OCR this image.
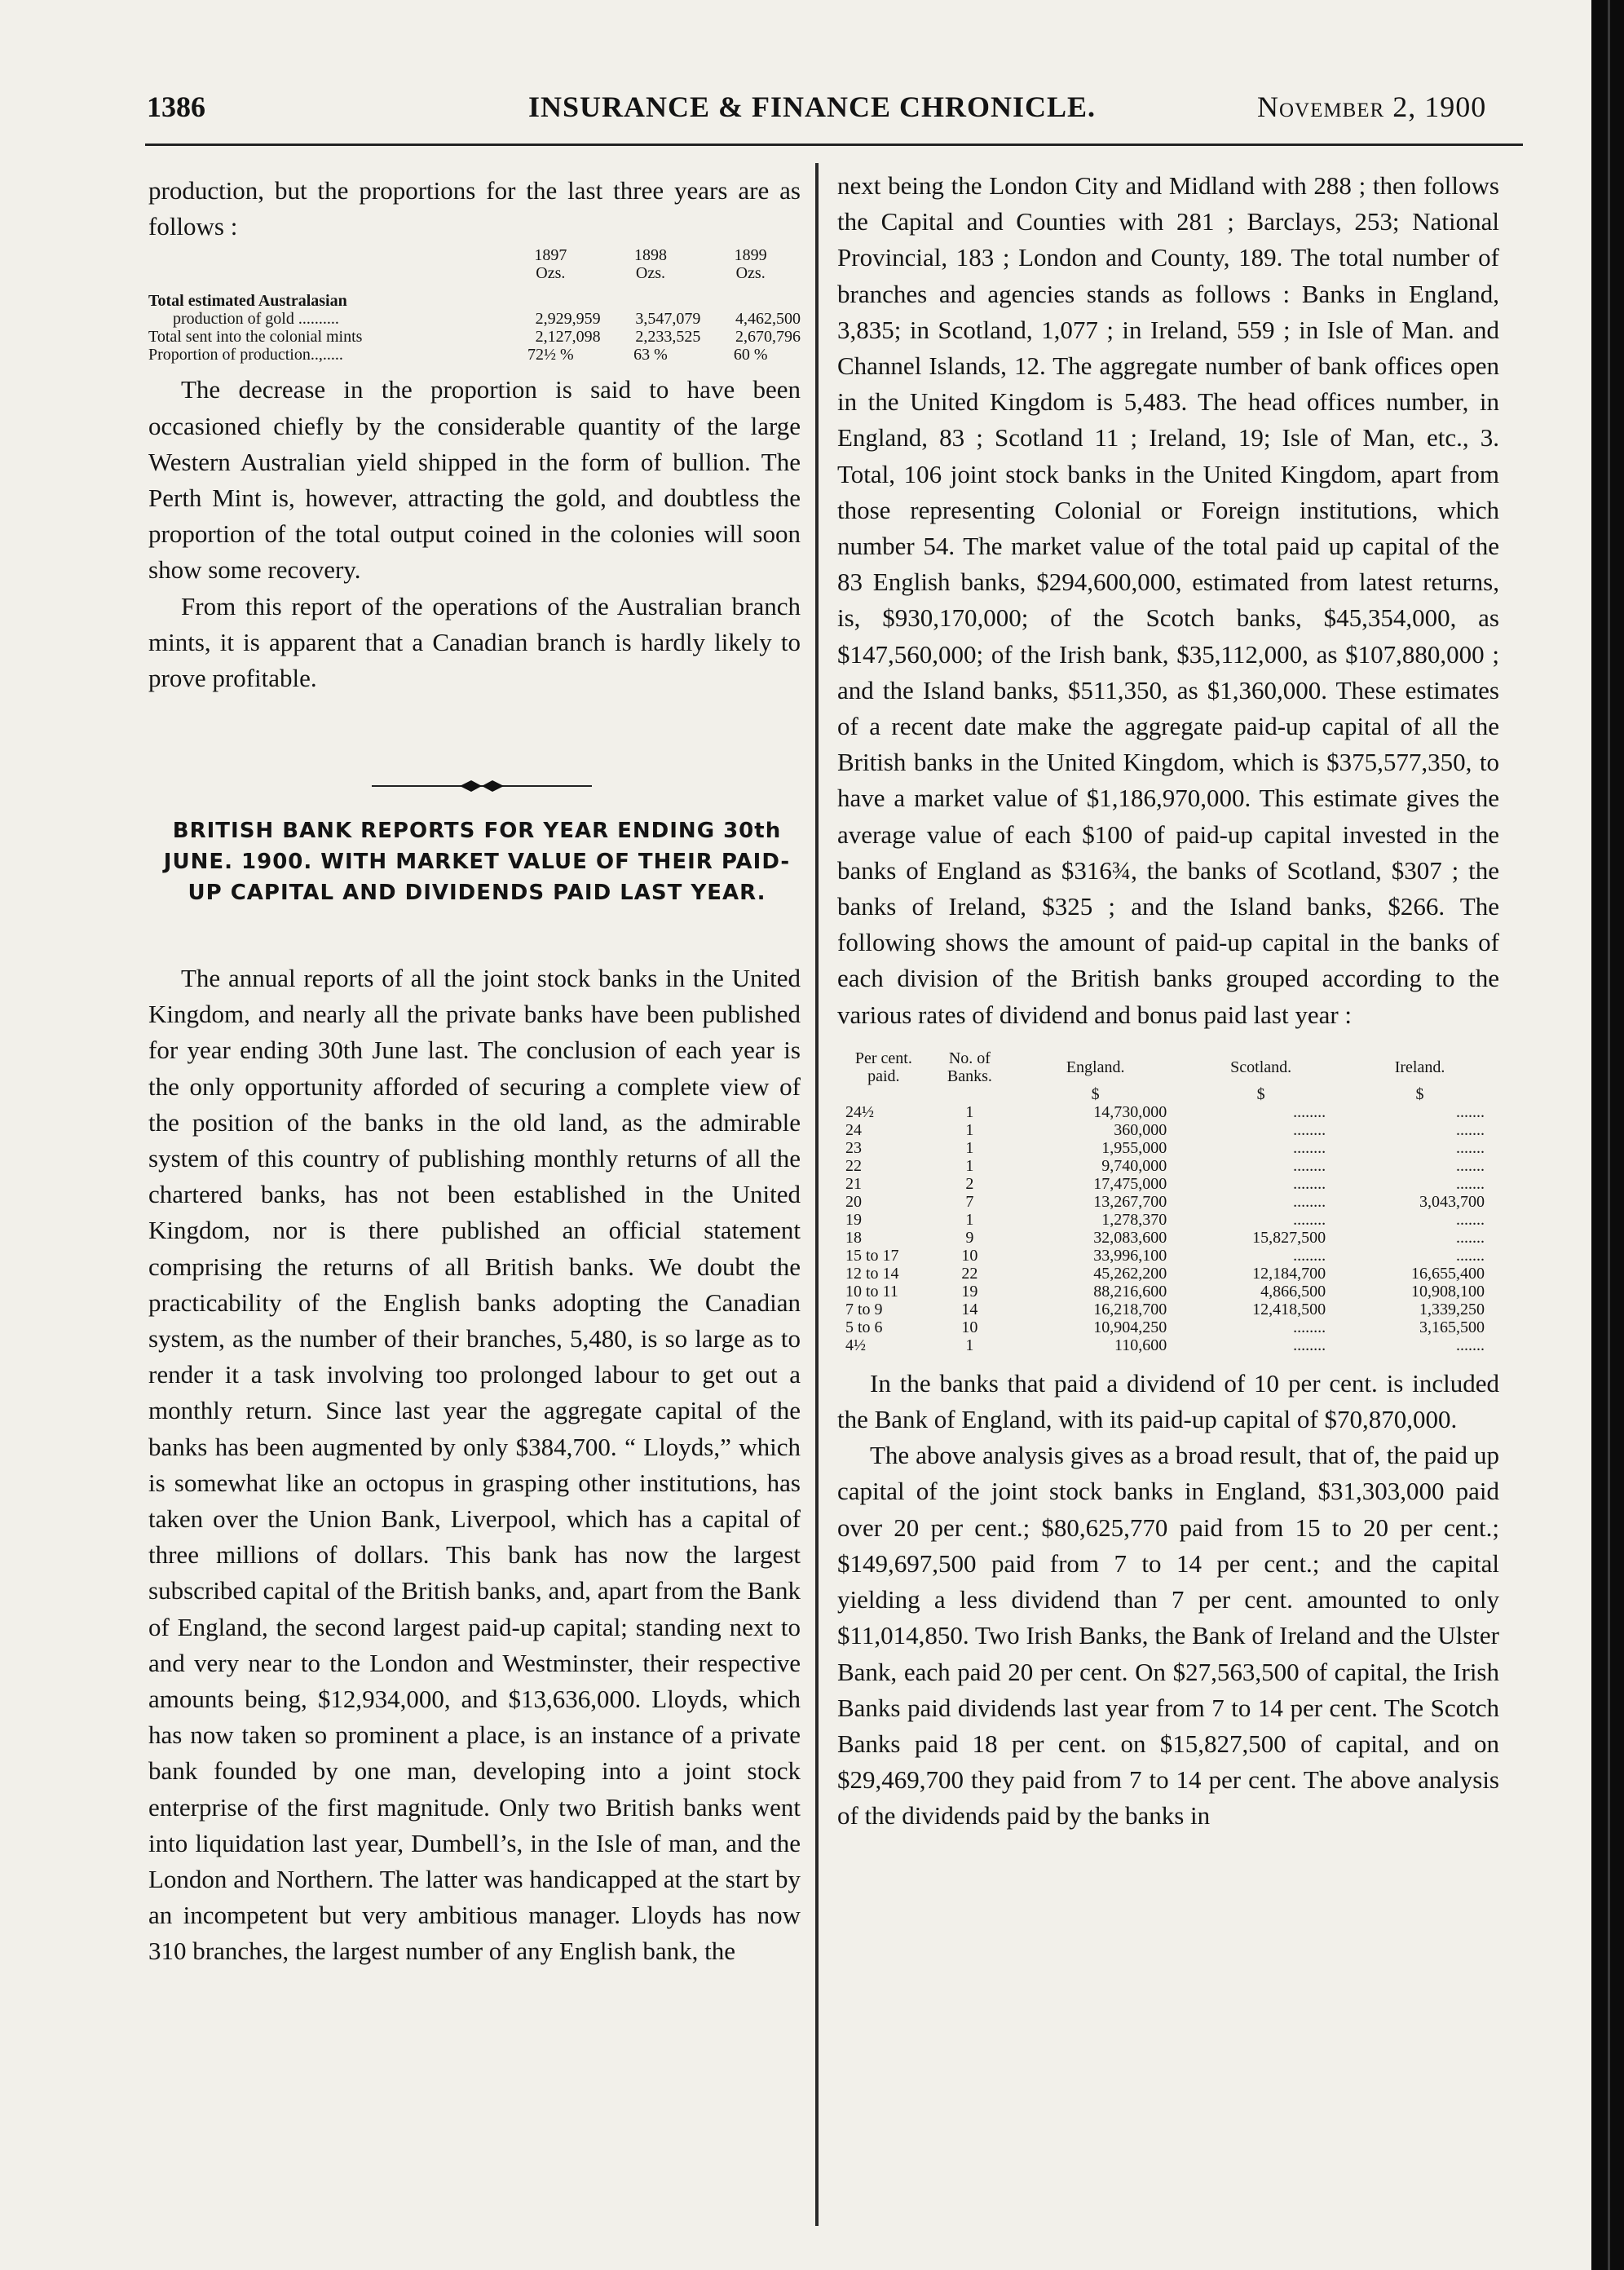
1386	INSURANCE & FINANCE CHRONICLE.	November 2, 1900

production, but the proportions for the last three years are as follows :

	1897	1898	1899
	Ozs.	Ozs.	Ozs.
Total estimated Australasian			
production of gold ..........	2,929,959	3,547,079	4,462,500
Total sent into the colonial mints	2,127,098	2,233,525	2,670,796
Proportion of production..,.....	72½ %	63 %	60 %

The decrease in the proportion is said to have been occasioned chiefly by the considerable quantity of the large Western Australian yield shipped in the form of bullion. The Perth Mint is, however, attracting the gold, and doubtless the proportion of the total output coined in the colonies will soon show some recovery.

From this report of the operations of the Australian branch mints, it is apparent that a Canadian branch is hardly likely to prove profitable.

BRITISH BANK REPORTS FOR YEAR ENDING 30th JUNE. 1900. WITH MARKET VALUE OF THEIR PAID-UP CAPITAL AND DIVIDENDS PAID LAST YEAR.

The annual reports of all the joint stock banks in the United Kingdom, and nearly all the private banks have been published for year ending 30th June last. The conclusion of each year is the only opportunity afforded of securing a complete view of the position of the banks in the old land, as the admirable system of this country of publishing monthly returns of all the chartered banks, has not been established in the United Kingdom, nor is there published an official statement comprising the returns of all British banks. We doubt the practicability of the English banks adopting the Canadian system, as the number of their branches, 5,480, is so large as to render it a task involving too prolonged labour to get out a monthly return. Since last year the aggregate capital of the banks has been augmented by only $384,700. “ Lloyds,” which is somewhat like an octopus in grasping other institutions, has taken over the Union Bank, Liverpool, which has a capital of three millions of dollars. This bank has now the largest subscribed capital of the British banks, and, apart from the Bank of England, the second largest paid-up capital; standing next to and very near to the London and Westminster, their respective amounts being, $12,934,000, and $13,636,000. Lloyds, which has now taken so prominent a place, is an instance of a private bank founded by one man, developing into a joint stock enterprise of the first magnitude. Only two British banks went into liquidation last year, Dumbell’s, in the Isle of man, and the London and Northern. The latter was handicapped at the start by an incompetent but very ambitious manager. Lloyds has now 310 branches, the largest number of any English bank, the

next being the London City and Midland with 288 ; then follows the Capital and Counties with 281 ; Barclays, 253; National Provincial, 183 ; London and County, 189. The total number of branches and agencies stands as follows : Banks in England, 3,835; in Scotland, 1,077 ; in Ireland, 559 ; in Isle of Man. and Channel Islands, 12. The aggregate number of bank offices open in the United Kingdom is 5,483. The head offices number, in England, 83 ; Scotland 11 ; Ireland, 19; Isle of Man, etc., 3. Total, 106 joint stock banks in the United Kingdom, apart from those representing Colonial or Foreign institutions, which number 54. The market value of the total paid up capital of the 83 English banks, $294,600,000, estimated from latest returns, is, $930,170,000; of the Scotch banks, $45,354,000, as $147,560,000; of the Irish bank, $35,112,000, as $107,880,000 ; and the Island banks, $511,350, as $1,360,000. These estimates of a recent date make the aggregate paid-up capital of all the British banks in the United Kingdom, which is $375,577,350, to have a market value of $1,186,970,000. This estimate gives the average value of each $100 of paid-up capital invested in the banks of England as $316¾, the banks of Scotland, $307 ; the banks of Ireland, $325 ; and the Island banks, $266. The following shows the amount of paid-up capital in the banks of each division of the British banks grouped according to the various rates of dividend and bonus paid last year :

Per cent. paid.	No. of Banks.	England.	Scotland.	Ireland.
		$	$	$
24½	1	14,730,000	........	.......
24	1	360,000	........	.......
23	1	1,955,000	........	.......
22	1	9,740,000	........	.......
21	2	17,475,000	........	.......
20	7	13,267,700	........	3,043,700
19	1	1,278,370	........	.......
18	9	32,083,600	15,827,500	.......
15 to 17	10	33,996,100	........	.......
12 to 14	22	45,262,200	12,184,700	16,655,400
10 to 11	19	88,216,600	4,866,500	10,908,100
7 to 9	14	16,218,700	12,418,500	1,339,250
5 to 6	10	10,904,250	........	3,165,500
4½	1	110,600	........	.......

In the banks that paid a dividend of 10 per cent. is included the Bank of England, with its paid-up capital of $70,870,000.

The above analysis gives as a broad result, that of, the paid up capital of the joint stock banks in England, $31,303,000 paid over 20 per cent.; $80,625,770 paid from 15 to 20 per cent.; $149,697,500 paid from 7 to 14 per cent.; and the capital yielding a less dividend than 7 per cent. amounted to only $11,014,850. Two Irish Banks, the Bank of Ireland and the Ulster Bank, each paid 20 per cent. On $27,563,500 of capital, the Irish Banks paid dividends last year from 7 to 14 per cent. The Scotch Banks paid 18 per cent. on $15,827,500 of capital, and on $29,469,700 they paid from 7 to 14 per cent. The above analysis of the dividends paid by the banks in
